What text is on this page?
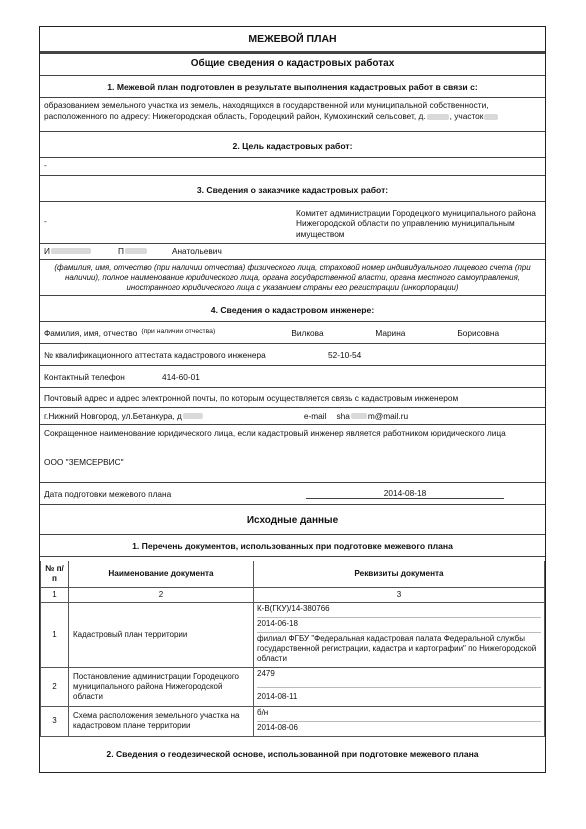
МЕЖЕВОЙ ПЛАН
Общие сведения о кадастровых работах
1. Межевой план подготовлен в результате выполнения кадастровых работ в связи с:
образованием земельного участка из земель, находящихся в государственной или муниципальной собственности, расположенного по адресу: Нижегородская область, Городецкий район, Кумохинский сельсовет, д.	, участок
2. Цель кадастровых работ:
-
3. Сведения о заказчике кадастровых работ:
-
Комитет администрации Городецкого муниципального района Нижегородской области по управлению муниципальным имуществом
И	П	Анатольевич
(фамилия, имя, отчество (при наличии отчества) физического лица, страховой номер индивидуального лицевого счета (при наличии), полное наименование юридического лица, органа государственной власти, органа местного самоуправления, иностранного юридического лица с указанием страны его регистрации (инкорпорации)
4. Сведения о кадастровом инженере:
Фамилия, имя, отчество (при наличии отчества)	Вилкова	Марина	Борисовна
№ квалификационного аттестата кадастрового инженера	52-10-54
Контактный телефон	414-60-01
Почтовый адрес и адрес электронной почты, по которым осуществляется связь с кадастровым инженером
г.Нижний Новгород, ул.Бетанкура, д	e-mail sha m@mail.ru
Сокращенное наименование юридического лица, если кадастровый инженер является работником юридического лица
ООО "ЗЕМСЕРВИС"
Дата подготовки межевого плана	2014-08-18
Исходные данные
1. Перечень документов, использованных при подготовке межевого плана
№ п/п	Наименование документа	Реквизиты документа
1	2	3
1	Кадастровый план территории	К-В(ГКУ)/14-380766
2014-06-18
филиал ФГБУ "Федеральная кадастровая палата Федеральной службы государственной регистрации, кадастра и картографии" по Нижегородской области

2	Постановление администрации Городецкого муниципального района Нижегородской области	2479
2014-08-11

3	Схема расположения земельного участка на кадастровом плане территории	б/н
2014-08-06
2. Сведения о геодезической основе, использованной при подготовке межевого плана
